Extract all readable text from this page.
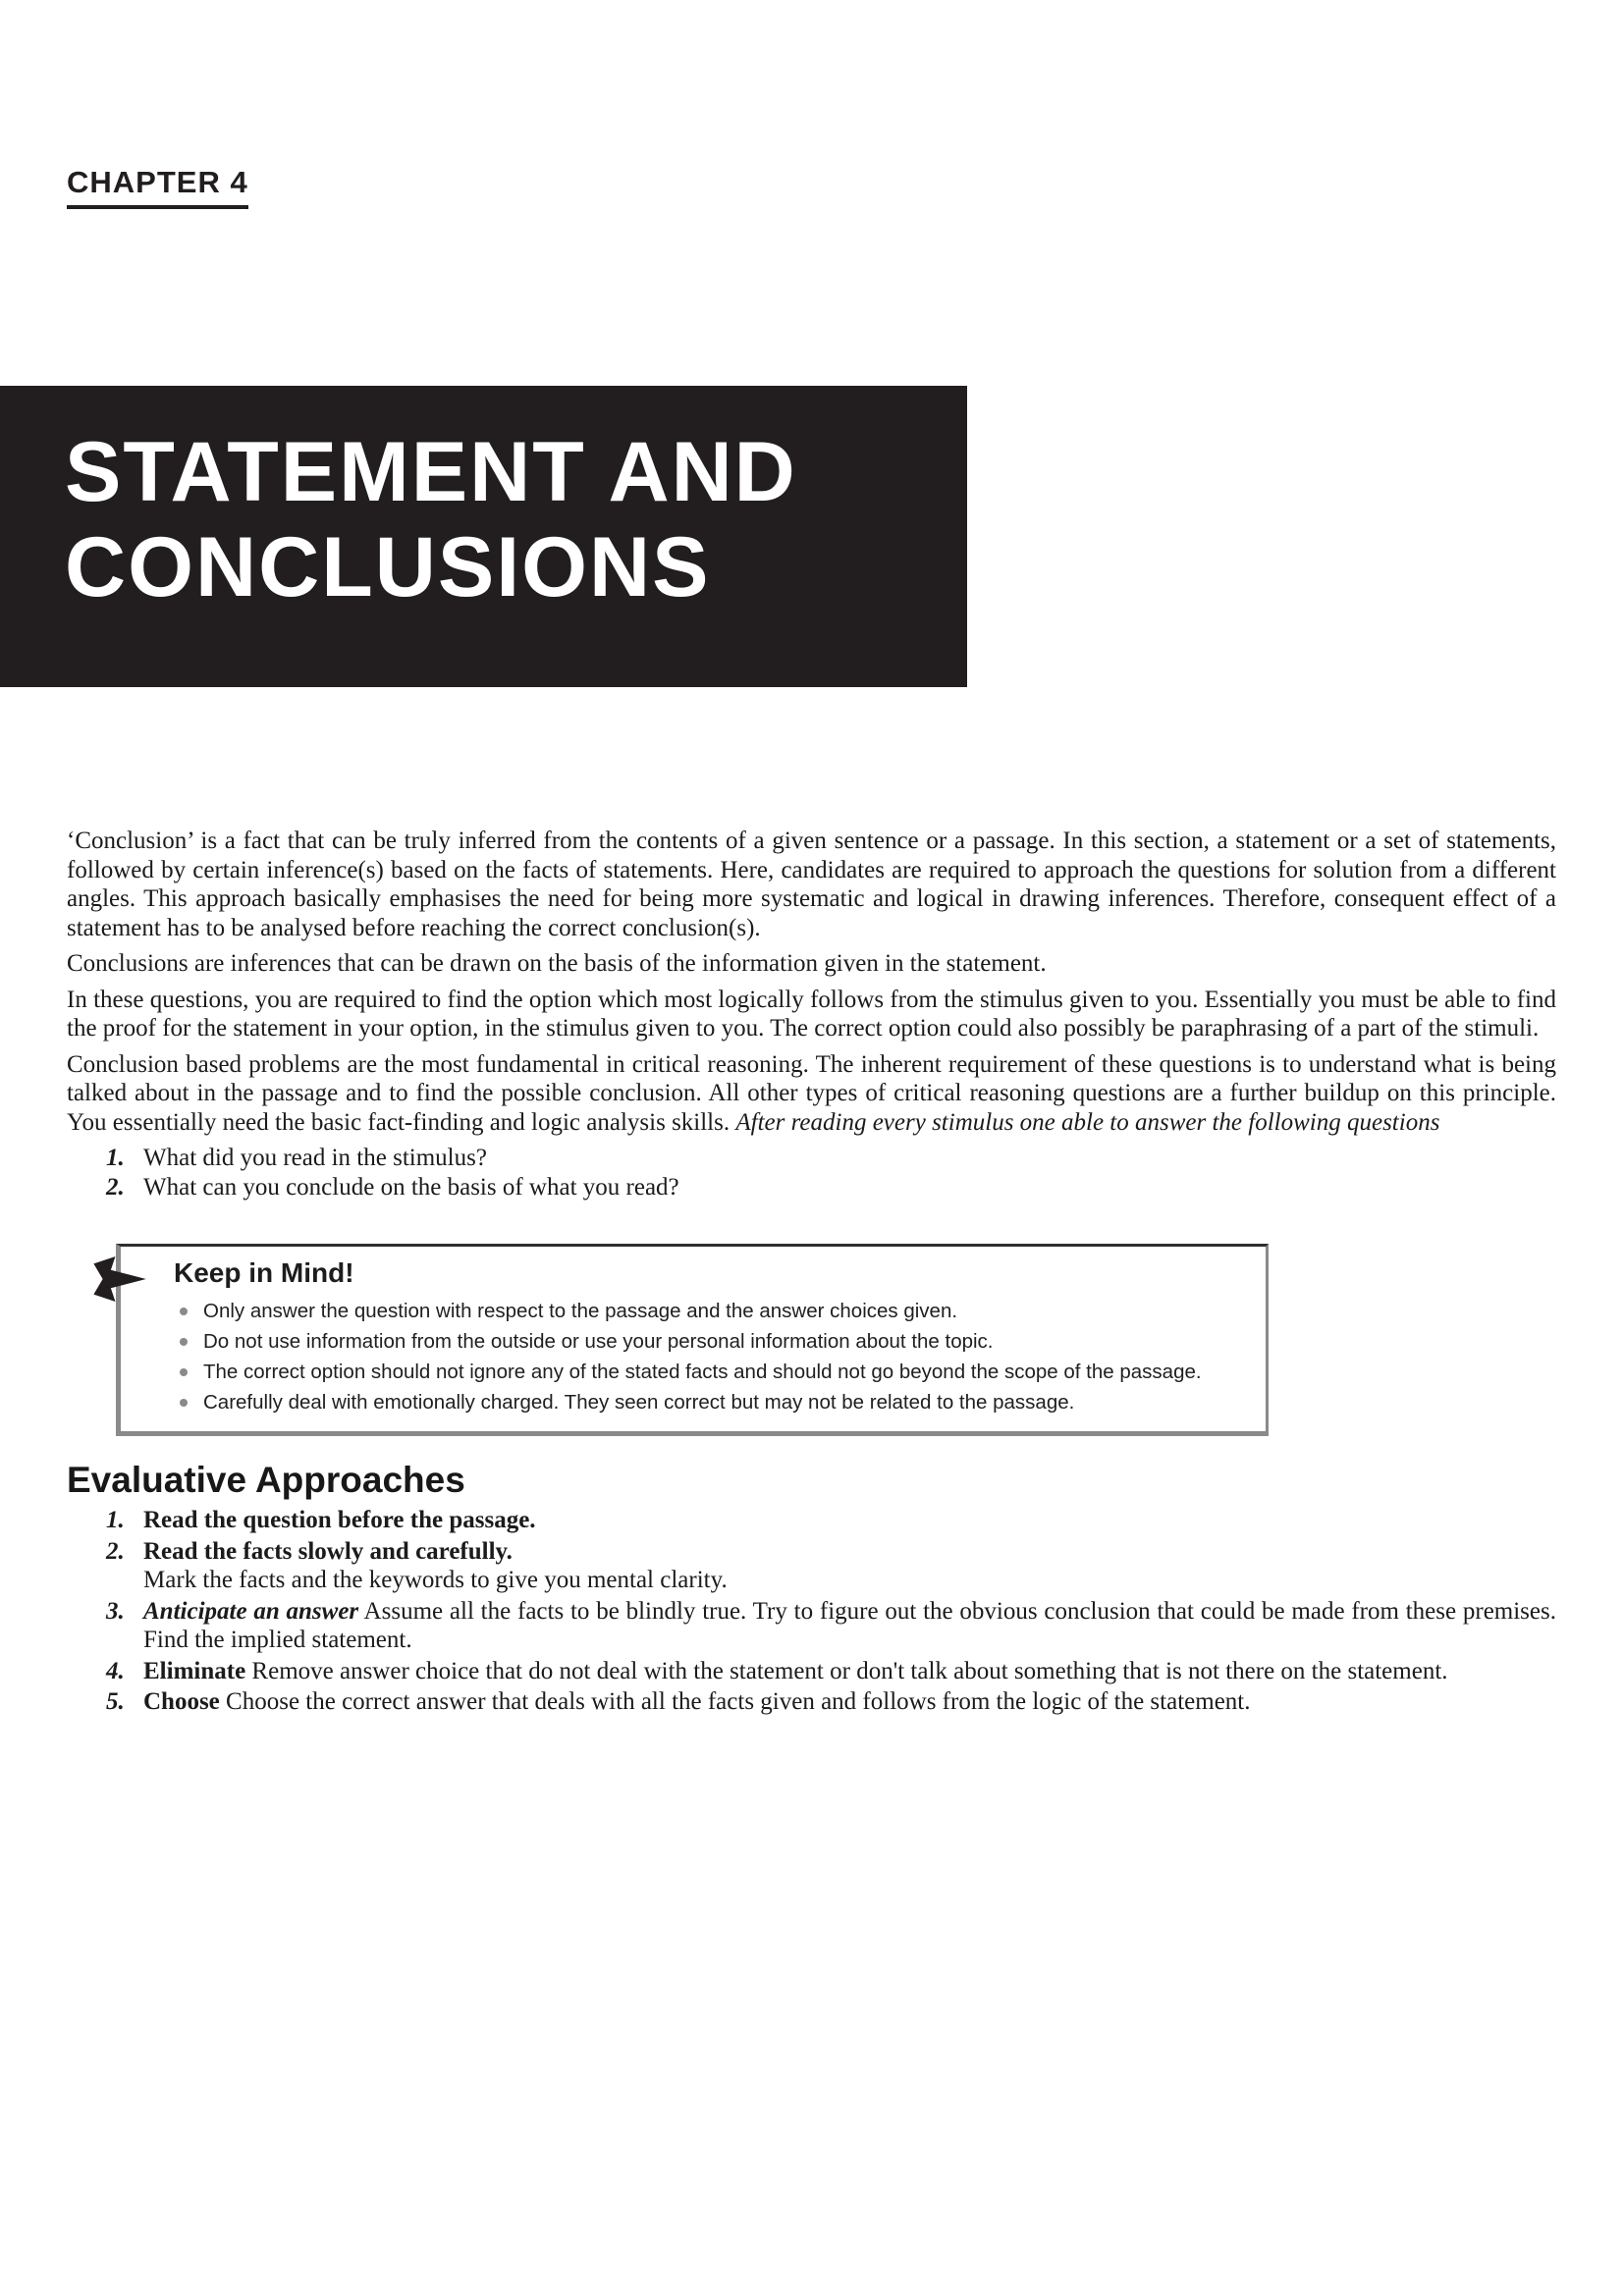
CHAPTER 4
STATEMENT AND
CONCLUSIONS

‘Conclusion’ is a fact that can be truly inferred from the contents of a given sentence or a passage. In this section, a statement or a set of statements, followed by certain inference(s) based on the facts of statements. Here, candidates are required to approach the questions for solution from a different angles. This approach basically emphasises the need for being more systematic and logical in drawing inferences. Therefore, consequent effect of a statement has to be analysed before reaching the correct conclusion(s).

Conclusions are inferences that can be drawn on the basis of the information given in the statement.

In these questions, you are required to find the option which most logically follows from the stimulus given to you. Essentially you must be able to find the proof for the statement in your option, in the stimulus given to you. The correct option could also possibly be paraphrasing of a part of the stimuli.

Conclusion based problems are the most fundamental in critical reasoning. The inherent requirement of these questions is to understand what is being talked about in the passage and to find the possible conclusion. All other types of critical reasoning questions are a further buildup on this principle. You essentially need the basic fact-finding and logic analysis skills. After reading every stimulus one able to answer the following questions

1. What did you read in the stimulus?
2. What can you conclude on the basis of what you read?
Keep in Mind!
Only answer the question with respect to the passage and the answer choices given.
Do not use information from the outside or use your personal information about the topic.
The correct option should not ignore any of the stated facts and should not go beyond the scope of the passage.
Carefully deal with emotionally charged. They seen correct but may not be related to the passage.
Evaluative Approaches
1. Read the question before the passage.
2. Read the facts slowly and carefully.
Mark the facts and the keywords to give you mental clarity.
3. Anticipate an answer Assume all the facts to be blindly true. Try to figure out the obvious conclusion that could be made from these premises. Find the implied statement.
4. Eliminate Remove answer choice that do not deal with the statement or don't talk about something that is not there on the statement.
5. Choose Choose the correct answer that deals with all the facts given and follows from the logic of the statement.
